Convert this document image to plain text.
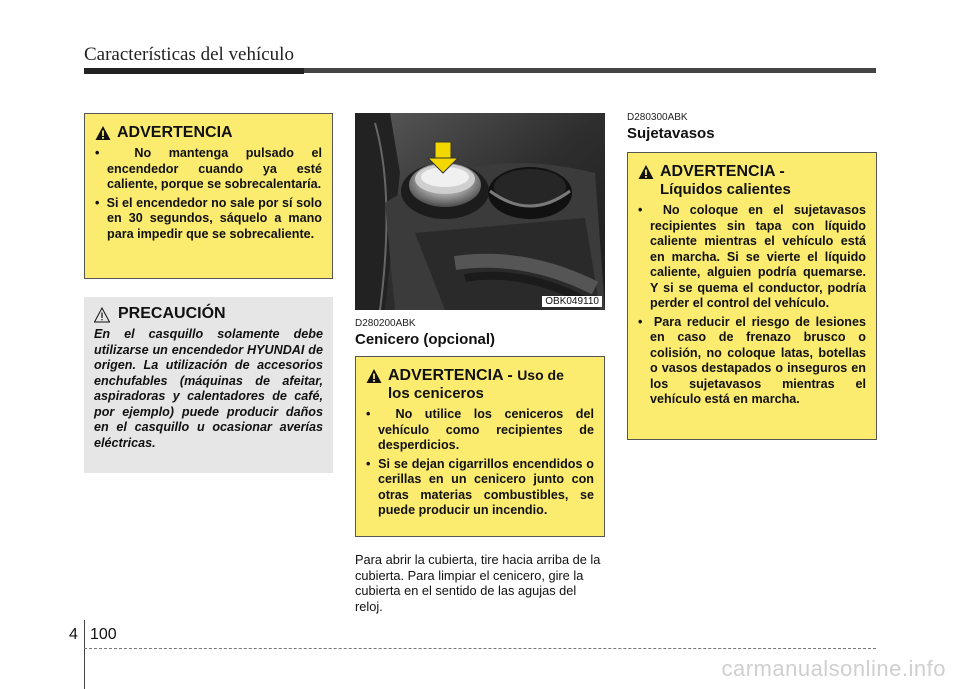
Características del vehículo
ADVERTENCIA
•  No mantenga pulsado el encendedor cuando ya esté caliente, porque se sobrecalentaría.
•  Si el encendedor no sale por sí solo en 30 segundos, sáquelo a mano para impedir que se sobrecaliente.
PRECAUCIÓN
En el casquillo solamente debe utilizarse un encendedor HYUNDAI de origen. La utilización de accesorios enchufables (máquinas de afeitar, aspiradoras y calentadores de café, por ejemplo) puede producir daños en el casquillo u ocasionar averías eléctricas.
OBK049110
D280200ABK
Cenicero (opcional)
ADVERTENCIA - Uso de
los ceniceros
•  No utilice los ceniceros del vehículo como recipientes de desperdicios.
•  Si se dejan cigarrillos encendidos o cerillas en un cenicero junto con otras materias combustibles, se puede producir un incendio.
Para abrir la cubierta, tire hacia arriba de la cubierta. Para limpiar el cenicero, gire la cubierta en el sentido de las agujas del reloj.
D280300ABK
Sujetavasos
ADVERTENCIA -
Líquidos calientes
•  No coloque en el sujetavasos recipientes sin tapa con líquido caliente mientras el vehículo está en marcha. Si se vierte el líquido caliente, alguien podría quemarse. Y si se quema el conductor, podría perder el control del vehículo.
•  Para reducir el riesgo de lesiones en caso de frenazo brusco o colisión, no coloque latas, botellas o vasos destapados o inseguros en los sujetavasos mientras el vehículo está en marcha.
4 100
carmanualsonline.info
